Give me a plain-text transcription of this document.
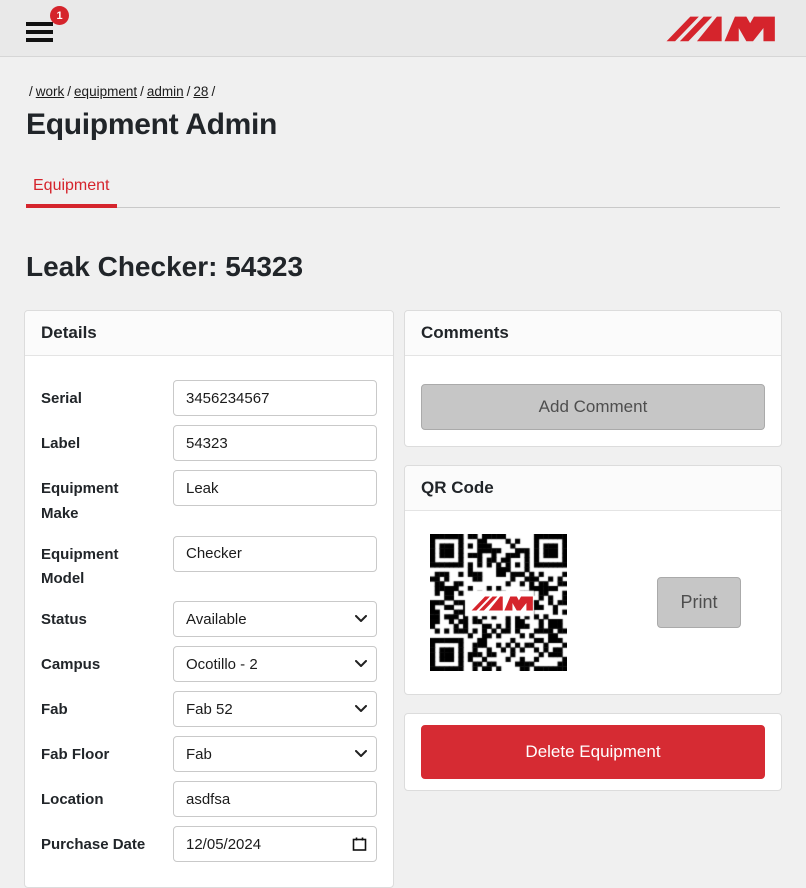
1
/ work / equipment / admin / 28 /
Equipment Admin
Equipment
Leak Checker: 54323
Details
Serial
3456234567
Label
54323
Equipment Make
Leak
Equipment Model
Checker
Status
Available
Campus
Ocotillo - 2
Fab
Fab 52
Fab Floor
Fab
Location
asdfsa
Purchase Date
12/05/2024
Comments
Add Comment
QR Code
Print
Delete Equipment
